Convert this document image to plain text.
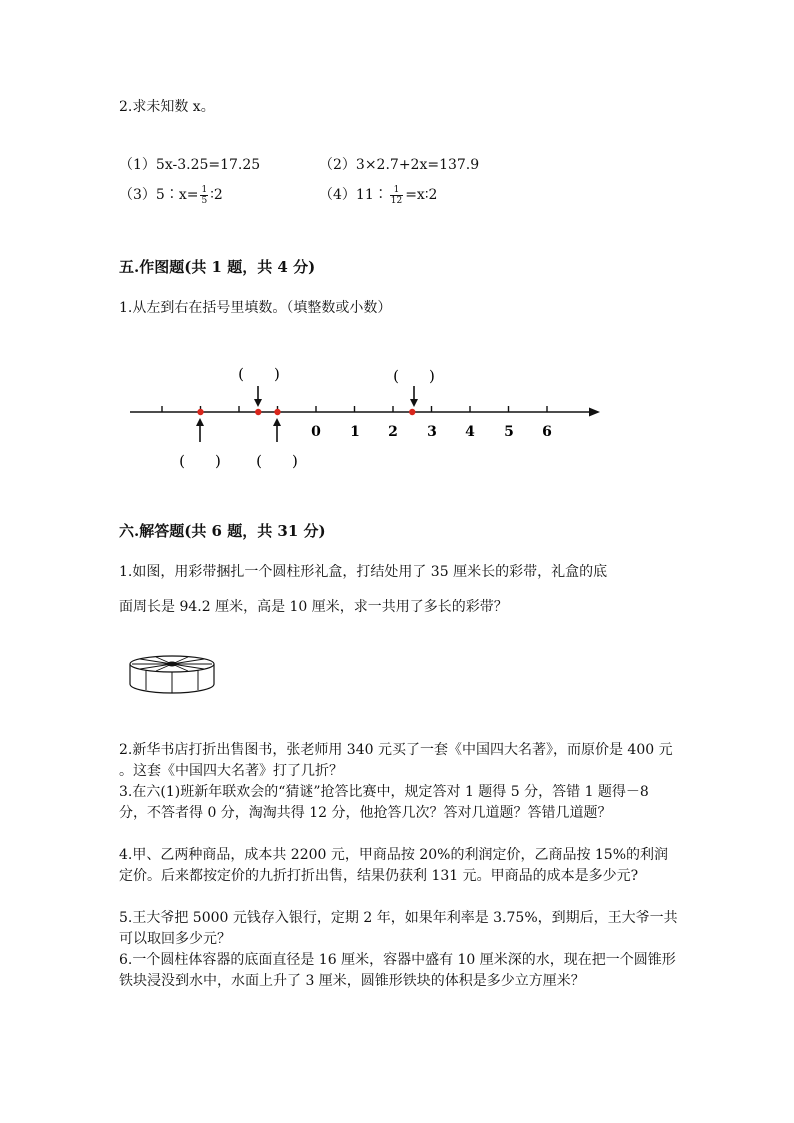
2.求未知数 x。
（1）5x-3.25=17.25	（2）3×2.7+2x=137.9
（3）5∶x= $\frac{1}{5}$ ∶2	（4）11∶ $\frac{1}{12}$ =x∶2
五.作图题(共 1 题，共 4 分)
1.从左到右在括号里填数。（填整数或小数）
0 1 2 3 4 5 6
(　　)	(　　)
(　　) (　　)
六.解答题(共 6 题，共 31 分)
1.如图，用彩带捆扎一个圆柱形礼盒，打结处用了 35 厘米长的彩带，礼盒的底
面周长是 94.2 厘米，高是 10 厘米，求一共用了多长的彩带？
2.新华书店打折出售图书，张老师用 340 元买了一套《中国四大名著》，而原价是 400 元 。这套《中国四大名著》打了几折？
3.在六(1)班新年联欢会的“猜谜”抢答比赛中，规定答对 1 题得 5 分，答错 1 题得－8 分，不答者得 0 分，淘淘共得 12 分，他抢答几次？答对几道题？答错几道题？
4.甲、乙两种商品，成本共 2200 元，甲商品按 20%的利润定价，乙商品按 15%的利润定价。后来都按定价的九折打折出售，结果仍获利 131 元。甲商品的成本是多少元?
5.王大爷把 5000 元钱存入银行，定期 2 年，如果年利率是 3.75%，到期后，王大爷一共可以取回多少元？
6.一个圆柱体容器的底面直径是 16 厘米，容器中盛有 10 厘米深的水，现在把一个圆锥形铁块浸没到水中，水面上升了 3 厘米，圆锥形铁块的体积是多少立方厘米？
